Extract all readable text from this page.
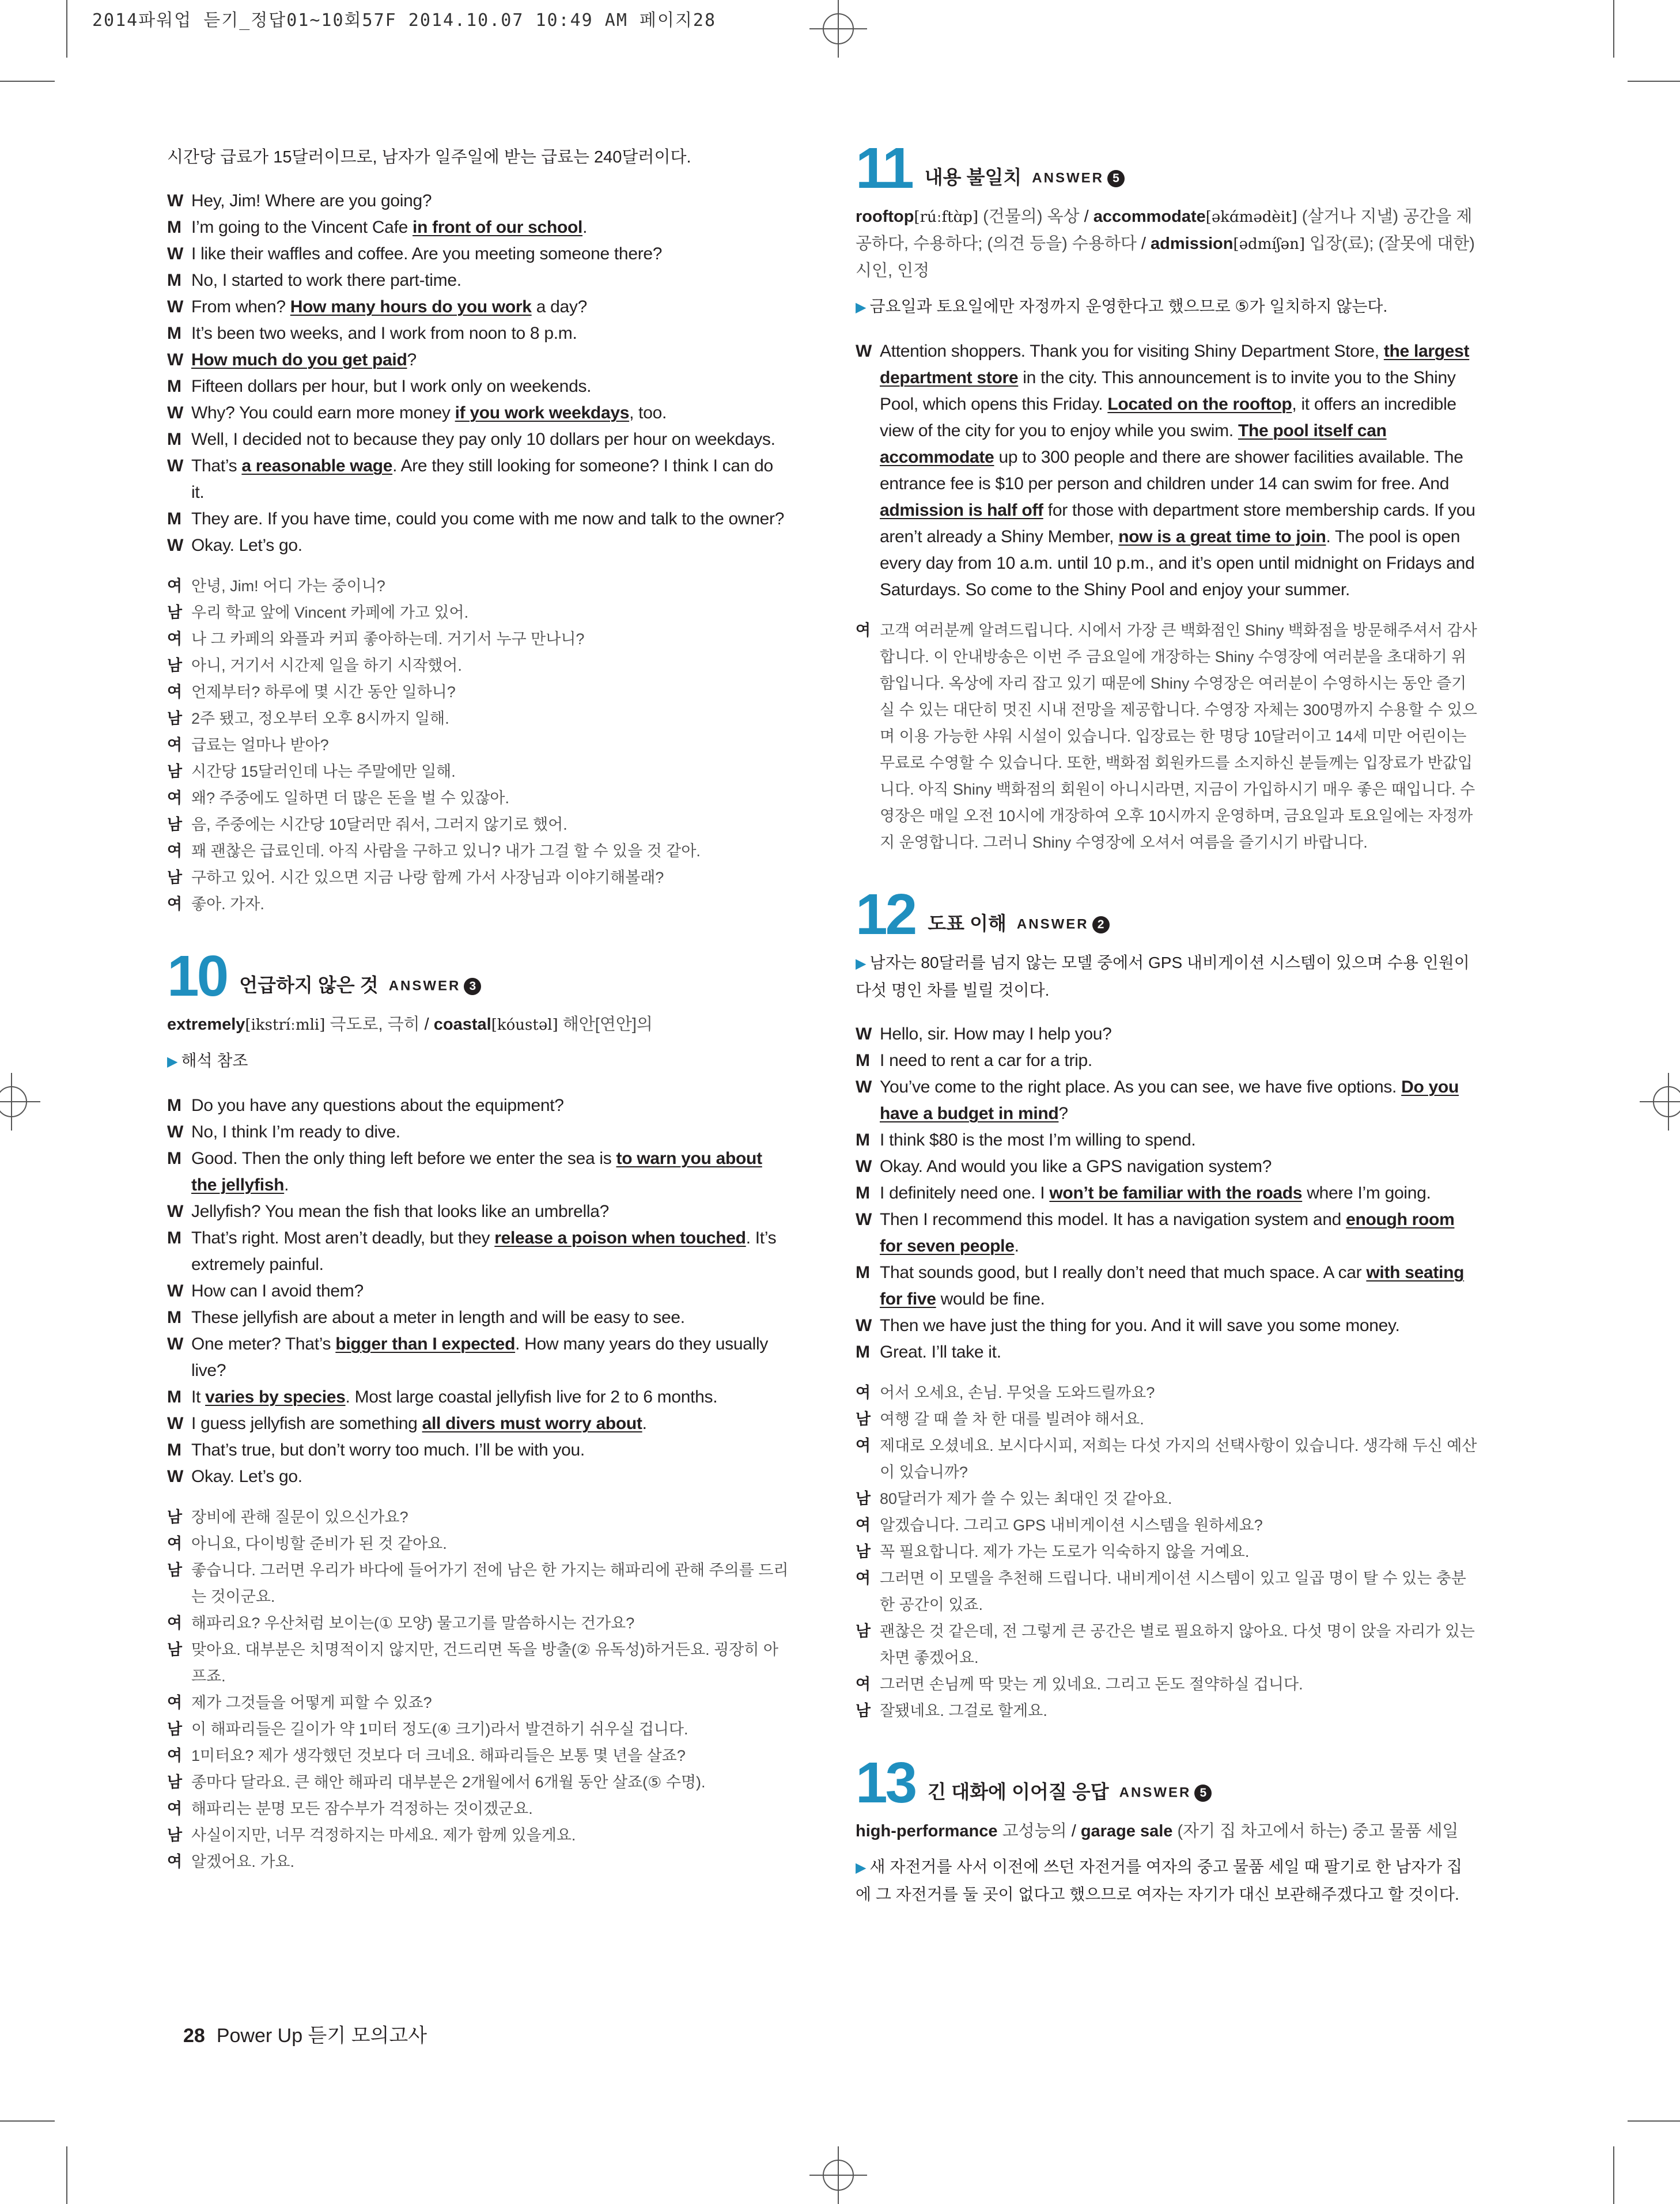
2014파워업 듣기_정답01~10회57F 2014.10.07 10:49 AM 페이지28

시간당 급료가 15달러이므로, 남자가 일주일에 받는 급료는 240달러이다.

W Hey, Jim! Where are you going?
M I’m going to the Vincent Cafe in front of our school.
W I like their waffles and coffee. Are you meeting someone there?
M No, I started to work there part-time.
W From when? How many hours do you work a day?
M It’s been two weeks, and I work from noon to 8 p.m.
W How much do you get paid?
M Fifteen dollars per hour, but I work only on weekends.
W Why? You could earn more money if you work weekdays, too.
M Well, I decided not to because they pay only 10 dollars per hour on weekdays.
W That’s a reasonable wage. Are they still looking for someone? I think I can do it.
M They are. If you have time, could you come with me now and talk to the owner?
W Okay. Let’s go.
여 안녕, Jim! 어디 가는 중이니?
남 우리 학교 앞에 Vincent 카페에 가고 있어.
여 나 그 카페의 와플과 커피 좋아하는데. 거기서 누구 만나니?
남 아니, 거기서 시간제 일을 하기 시작했어.
여 언제부터? 하루에 몇 시간 동안 일하니?
남 2주 됐고, 정오부터 오후 8시까지 일해.
여 급료는 얼마나 받아?
남 시간당 15달러인데 나는 주말에만 일해.
여 왜? 주중에도 일하면 더 많은 돈을 벌 수 있잖아.
남 음, 주중에는 시간당 10달러만 줘서, 그러지 않기로 했어.
여 꽤 괜찮은 급료인데. 아직 사람을 구하고 있니? 내가 그걸 할 수 있을 것 같아.
남 구하고 있어. 시간 있으면 지금 나랑 함께 가서 사장님과 이야기해볼래?
여 좋아. 가자.
10 언급하지 않은 것 ANSWER 3
extremely[ikstríːmli] 극도로, 극히 / coastal[kóustəl] 해안[연안]의
▶ 해석 참조
M Do you have any questions about the equipment?
W No, I think I’m ready to dive.
M Good. Then the only thing left before we enter the sea is to warn you about the jellyfish.
W Jellyfish? You mean the fish that looks like an umbrella?
M That’s right. Most aren’t deadly, but they release a poison when touched. It’s extremely painful.
W How can I avoid them?
M These jellyfish are about a meter in length and will be easy to see.
W One meter? That’s bigger than I expected. How many years do they usually live?
M It varies by species. Most large coastal jellyfish live for 2 to 6 months.
W I guess jellyfish are something all divers must worry about.
M That’s true, but don’t worry too much. I’ll be with you.
W Okay. Let’s go.
남 장비에 관해 질문이 있으신가요?
여 아니요, 다이빙할 준비가 된 것 같아요.
남 좋습니다. 그러면 우리가 바다에 들어가기 전에 남은 한 가지는 해파리에 관해 주의를 드리는 것이군요.
여 해파리요? 우산처럼 보이는(① 모양) 물고기를 말씀하시는 건가요?
남 맞아요. 대부분은 치명적이지 않지만, 건드리면 독을 방출(② 유독성)하거든요. 굉장히 아프죠.
여 제가 그것들을 어떻게 피할 수 있죠?
남 이 해파리들은 길이가 약 1미터 정도(④ 크기)라서 발견하기 쉬우실 겁니다.
여 1미터요? 제가 생각했던 것보다 더 크네요. 해파리들은 보통 몇 년을 살죠?
남 종마다 달라요. 큰 해안 해파리 대부분은 2개월에서 6개월 동안 살죠(⑤ 수명).
여 해파리는 분명 모든 잠수부가 걱정하는 것이겠군요.
남 사실이지만, 너무 걱정하지는 마세요. 제가 함께 있을게요.
여 알겠어요. 가요.
11 내용 불일치 ANSWER 5
rooftop[rúːftɑ̀p] (건물의) 옥상 / accommodate[əkɑ́mədèit] (살거나 지낼) 공간을 제공하다, 수용하다; (의견 등을) 수용하다 / admission[ədmíʃən] 입장(료); (잘못에 대한) 시인, 인정
▶ 금요일과 토요일에만 자정까지 운영한다고 했으므로 ⑤가 일치하지 않는다.
W Attention shoppers. Thank you for visiting Shiny Department Store, the largest department store in the city. This announcement is to invite you to the Shiny Pool, which opens this Friday. Located on the rooftop, it offers an incredible view of the city for you to enjoy while you swim. The pool itself can accommodate up to 300 people and there are shower facilities available. The entrance fee is $10 per person and children under 14 can swim for free. And admission is half off for those with department store membership cards. If you aren’t already a Shiny Member, now is a great time to join. The pool is open every day from 10 a.m. until 10 p.m., and it’s open until midnight on Fridays and Saturdays. So come to the Shiny Pool and enjoy your summer.
여 고객 여러분께 알려드립니다. 시에서 가장 큰 백화점인 Shiny 백화점을 방문해주셔서 감사합니다. 이 안내방송은 이번 주 금요일에 개장하는 Shiny 수영장에 여러분을 초대하기 위함입니다. 옥상에 자리 잡고 있기 때문에 Shiny 수영장은 여러분이 수영하시는 동안 즐기실 수 있는 대단히 멋진 시내 전망을 제공합니다. 수영장 자체는 300명까지 수용할 수 있으며 이용 가능한 샤워 시설이 있습니다. 입장료는 한 명당 10달러이고 14세 미만 어린이는 무료로 수영할 수 있습니다. 또한, 백화점 회원카드를 소지하신 분들께는 입장료가 반값입니다. 아직 Shiny 백화점의 회원이 아니시라면, 지금이 가입하시기 매우 좋은 때입니다. 수영장은 매일 오전 10시에 개장하여 오후 10시까지 운영하며, 금요일과 토요일에는 자정까지 운영합니다. 그러니 Shiny 수영장에 오셔서 여름을 즐기시기 바랍니다.
12 도표 이해 ANSWER 2
▶ 남자는 80달러를 넘지 않는 모델 중에서 GPS 내비게이션 시스템이 있으며 수용 인원이 다섯 명인 차를 빌릴 것이다.
W Hello, sir. How may I help you?
M I need to rent a car for a trip.
W You’ve come to the right place. As you can see, we have five options. Do you have a budget in mind?
M I think $80 is the most I’m willing to spend.
W Okay. And would you like a GPS navigation system?
M I definitely need one. I won’t be familiar with the roads where I’m going.
W Then I recommend this model. It has a navigation system and enough room for seven people.
M That sounds good, but I really don’t need that much space. A car with seating for five would be fine.
W Then we have just the thing for you. And it will save you some money.
M Great. I’ll take it.
여 어서 오세요, 손님. 무엇을 도와드릴까요?
남 여행 갈 때 쓸 차 한 대를 빌려야 해서요.
여 제대로 오셨네요. 보시다시피, 저희는 다섯 가지의 선택사항이 있습니다. 생각해 두신 예산이 있습니까?
남 80달러가 제가 쓸 수 있는 최대인 것 같아요.
여 알겠습니다. 그리고 GPS 내비게이션 시스템을 원하세요?
남 꼭 필요합니다. 제가 가는 도로가 익숙하지 않을 거예요.
여 그러면 이 모델을 추천해 드립니다. 내비게이션 시스템이 있고 일곱 명이 탈 수 있는 충분한 공간이 있죠.
남 괜찮은 것 같은데, 전 그렇게 큰 공간은 별로 필요하지 않아요. 다섯 명이 앉을 자리가 있는 차면 좋겠어요.
여 그러면 손님께 딱 맞는 게 있네요. 그리고 돈도 절약하실 겁니다.
남 잘됐네요. 그걸로 할게요.
13 긴 대화에 이어질 응답 ANSWER 5
high-performance 고성능의 / garage sale (자기 집 차고에서 하는) 중고 물품 세일
▶ 새 자전거를 사서 이전에 쓰던 자전거를 여자의 중고 물품 세일 때 팔기로 한 남자가 집에 그 자전거를 둘 곳이 없다고 했으므로 여자는 자기가 대신 보관해주겠다고 할 것이다.
28 Power Up 듣기 모의고사
